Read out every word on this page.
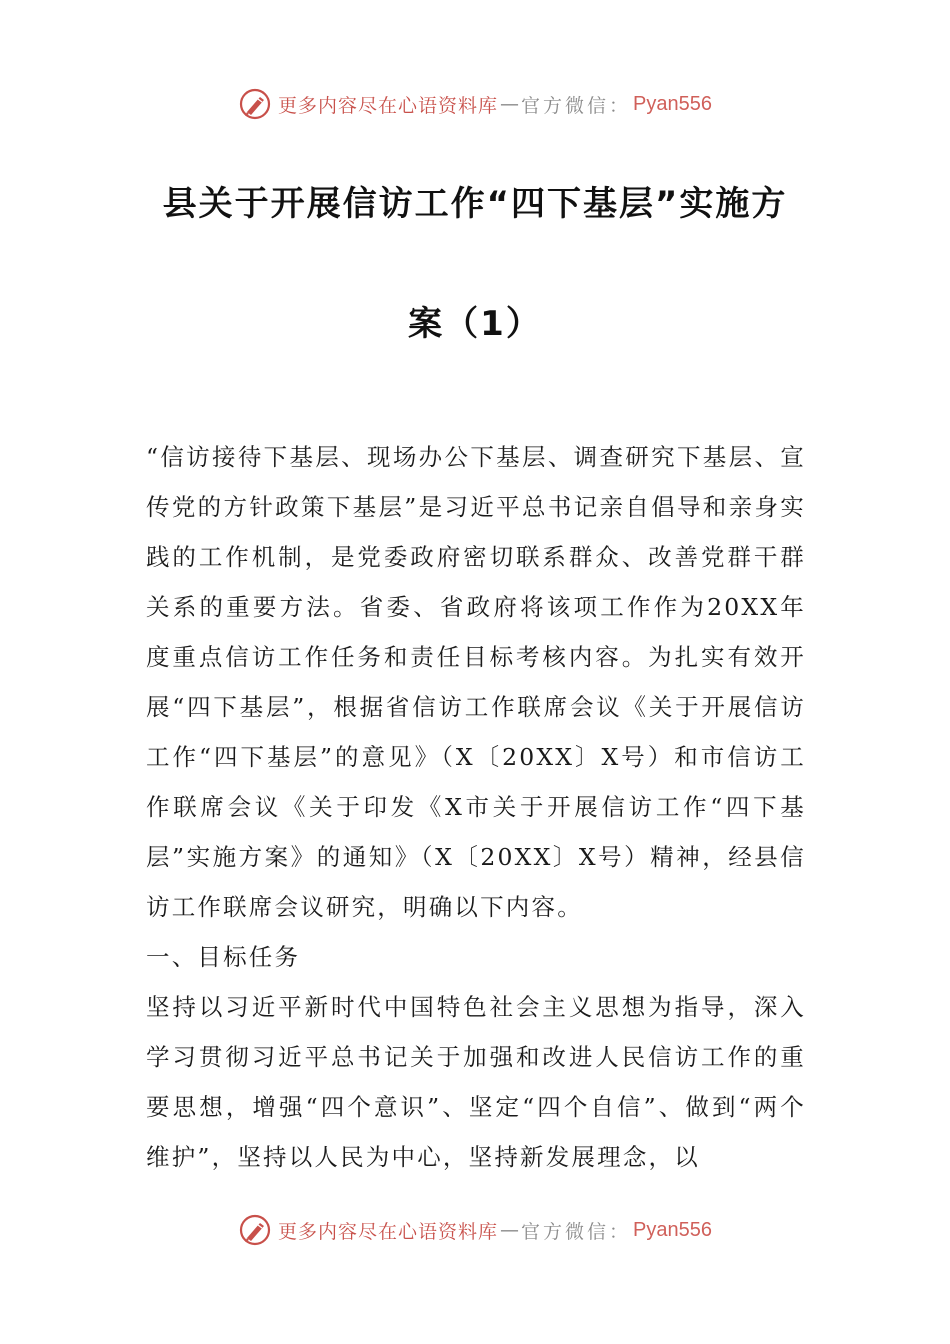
更多内容尽在心语资料库 — 官方微信： Pyan556
县关于开展信访工作“四下基层”实施方
案（1）

“信访接待下基层、现场办公下基层、调查研究下基层、宣传党的方针政策下基层”是习近平总书记亲自倡导和亲身实践的工作机制，是党委政府密切联系群众、改善党群干群关系的重要方法。省委、省政府将该项工作作为20XX年度重点信访工作任务和责任目标考核内容。为扎实有效开展“四下基层”，根据省信访工作联席会议《关于开展信访工作“四下基层”的意见》（X〔20XX〕X号）和市信访工作联席会议《关于印发《X市关于开展信访工作“四下基层”实施方案》的通知》（X〔20XX〕X号）精神，经县信访工作联席会议研究，明确以下内容。

一、目标任务

坚持以习近平新时代中国特色社会主义思想为指导，深入学习贯彻习近平总书记关于加强和改进人民信访工作的重要思想，增强“四个意识”、坚定“四个自信”、做到“两个维护”，坚持以人民为中心，坚持新发展理念，以

更多内容尽在心语资料库 — 官方微信： Pyan556
